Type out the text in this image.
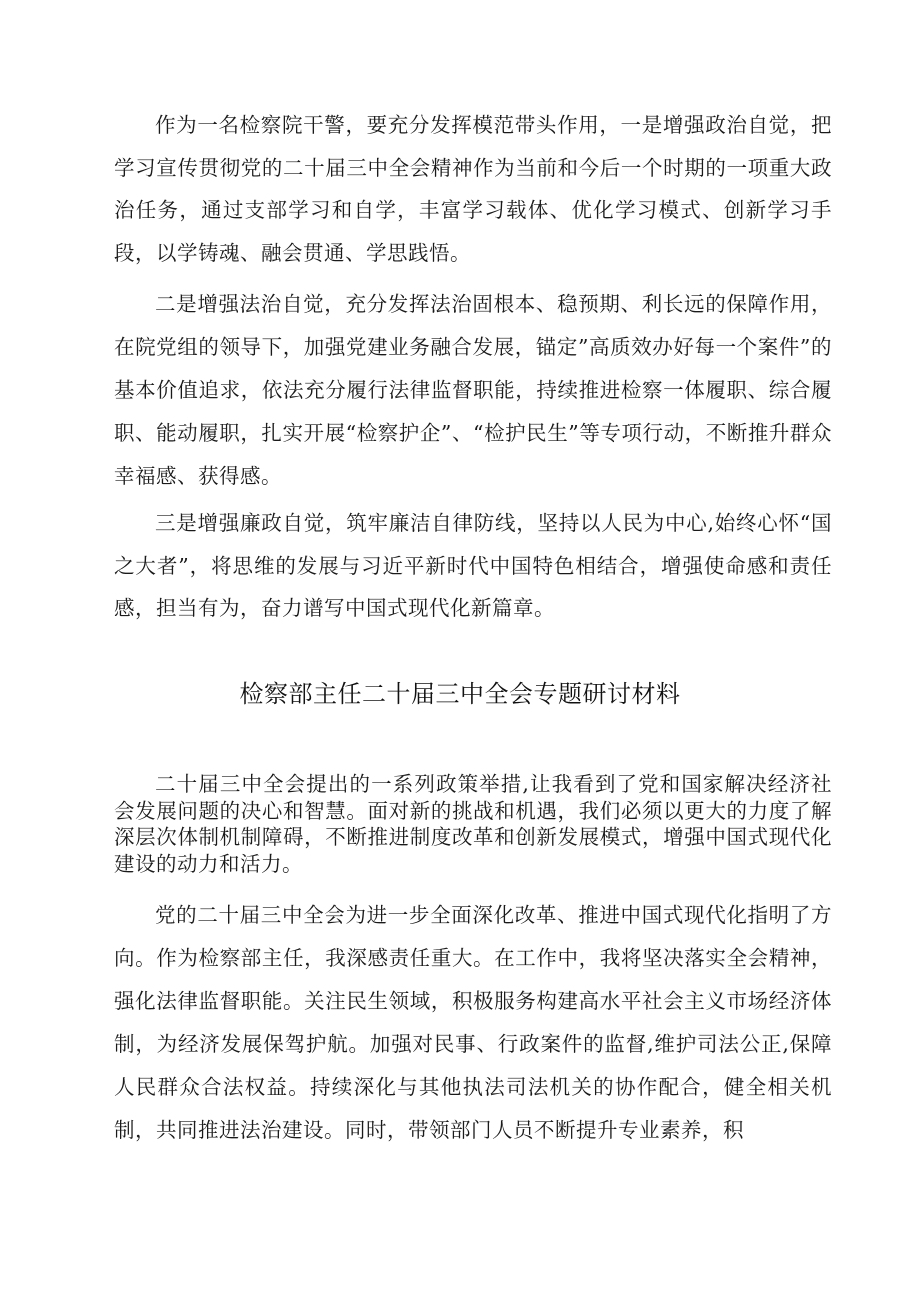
作为一名检察院干警，要充分发挥模范带头作用，一是增强政治自觉，把学习宣传贯彻党的二十届三中全会精神作为当前和今后一个时期的一项重大政治任务，通过支部学习和自学，丰富学习载体、优化学习模式、创新学习手段，以学铸魂、融会贯通、学思践悟。

二是增强法治自觉，充分发挥法治固根本、稳预期、利长远的保障作用，在院党组的领导下，加强党建业务融合发展，锚定”高质效办好每一个案件”的基本价值追求，依法充分履行法律监督职能，持续推进检察一体履职、综合履职、能动履职，扎实开展“检察护企”、“检护民生”等专项行动，不断推升群众幸福感、获得感。

三是增强廉政自觉，筑牢廉洁自律防线，坚持以人民为中心,始终心怀“国之大者”，将思维的发展与习近平新时代中国特色相结合，增强使命感和责任感，担当有为，奋力谱写中国式现代化新篇章。

检察部主任二十届三中全会专题研讨材料

二十届三中全会提出的一系列政策举措,让我看到了党和国家解决经济社会发展问题的决心和智慧。面对新的挑战和机遇，我们必须以更大的力度了解深层次体制机制障碍，不断推进制度改革和创新发展模式，增强中国式现代化建设的动力和活力。

党的二十届三中全会为进一步全面深化改革、推进中国式现代化指明了方向。作为检察部主任，我深感责任重大。在工作中，我将坚决落实全会精神，强化法律监督职能。关注民生领域，积极服务构建高水平社会主义市场经济体制，为经济发展保驾护航。加强对民事、行政案件的监督,维护司法公正,保障人民群众合法权益。持续深化与其他执法司法机关的协作配合，健全相关机制，共同推进法治建设。同时，带领部门人员不断提升专业素养，积
